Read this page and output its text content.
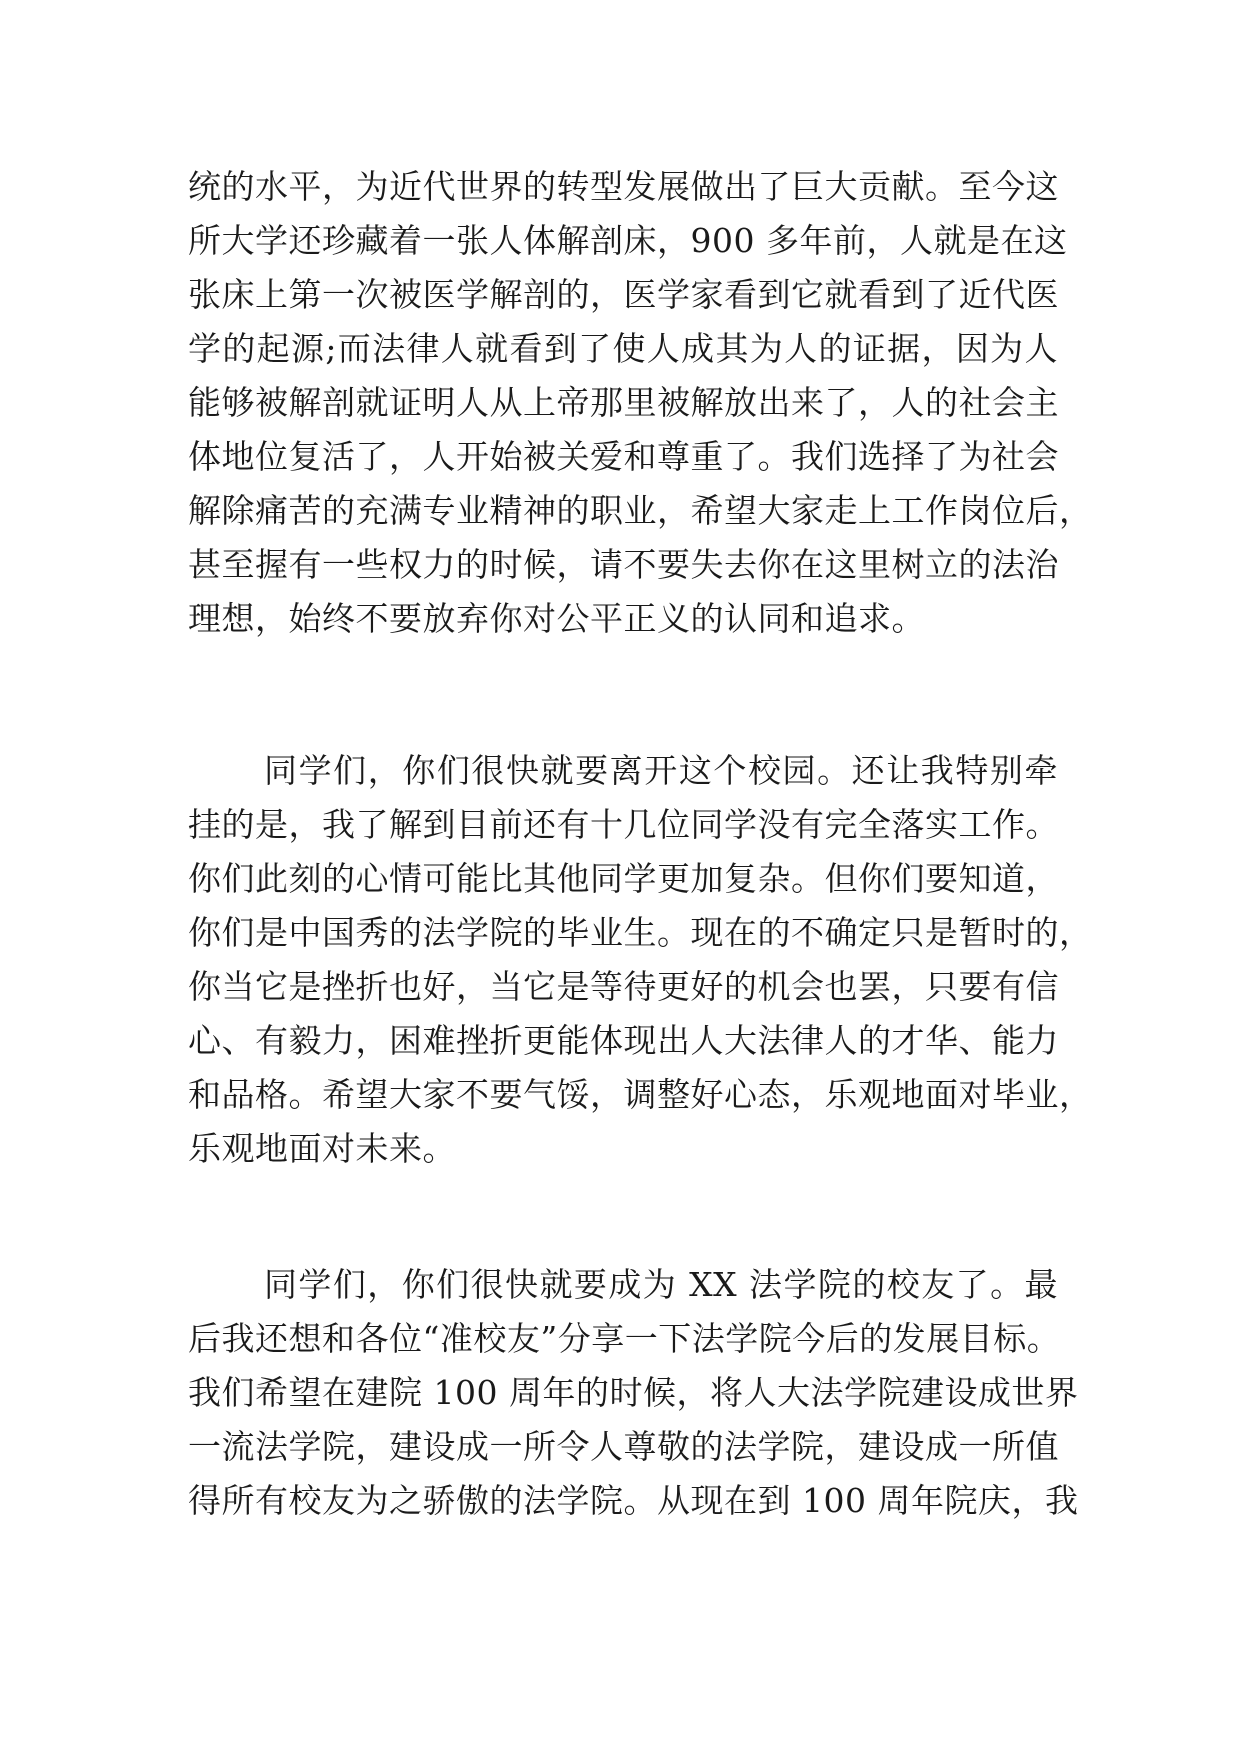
统的水平，为近代世界的转型发展做出了巨大贡献。至今这
所大学还珍藏着一张人体解剖床，900 多年前，人就是在这
张床上第一次被医学解剖的，医学家看到它就看到了近代医
学的起源;而法律人就看到了使人成其为人的证据，因为人
能够被解剖就证明人从上帝那里被解放出来了，人的社会主
体地位复活了，人开始被关爱和尊重了。我们选择了为社会
解除痛苦的充满专业精神的职业，希望大家走上工作岗位后，
甚至握有一些权力的时候，请不要失去你在这里树立的法治
理想，始终不要放弃你对公平正义的认同和追求。
同学们，你们很快就要离开这个校园。还让我特别牵
挂的是，我了解到目前还有十几位同学没有完全落实工作。
你们此刻的心情可能比其他同学更加复杂。但你们要知道，
你们是中国秀的法学院的毕业生。现在的不确定只是暂时的，
你当它是挫折也好，当它是等待更好的机会也罢，只要有信
心、有毅力，困难挫折更能体现出人大法律人的才华、能力
和品格。希望大家不要气馁，调整好心态，乐观地面对毕业，
乐观地面对未来。
同学们，你们很快就要成为 XX 法学院的校友了。最
后我还想和各位“准校友”分享一下法学院今后的发展目标。
我们希望在建院 100 周年的时候，将人大法学院建设成世界
一流法学院，建设成一所令人尊敬的法学院，建设成一所值
得所有校友为之骄傲的法学院。从现在到 100 周年院庆，我
